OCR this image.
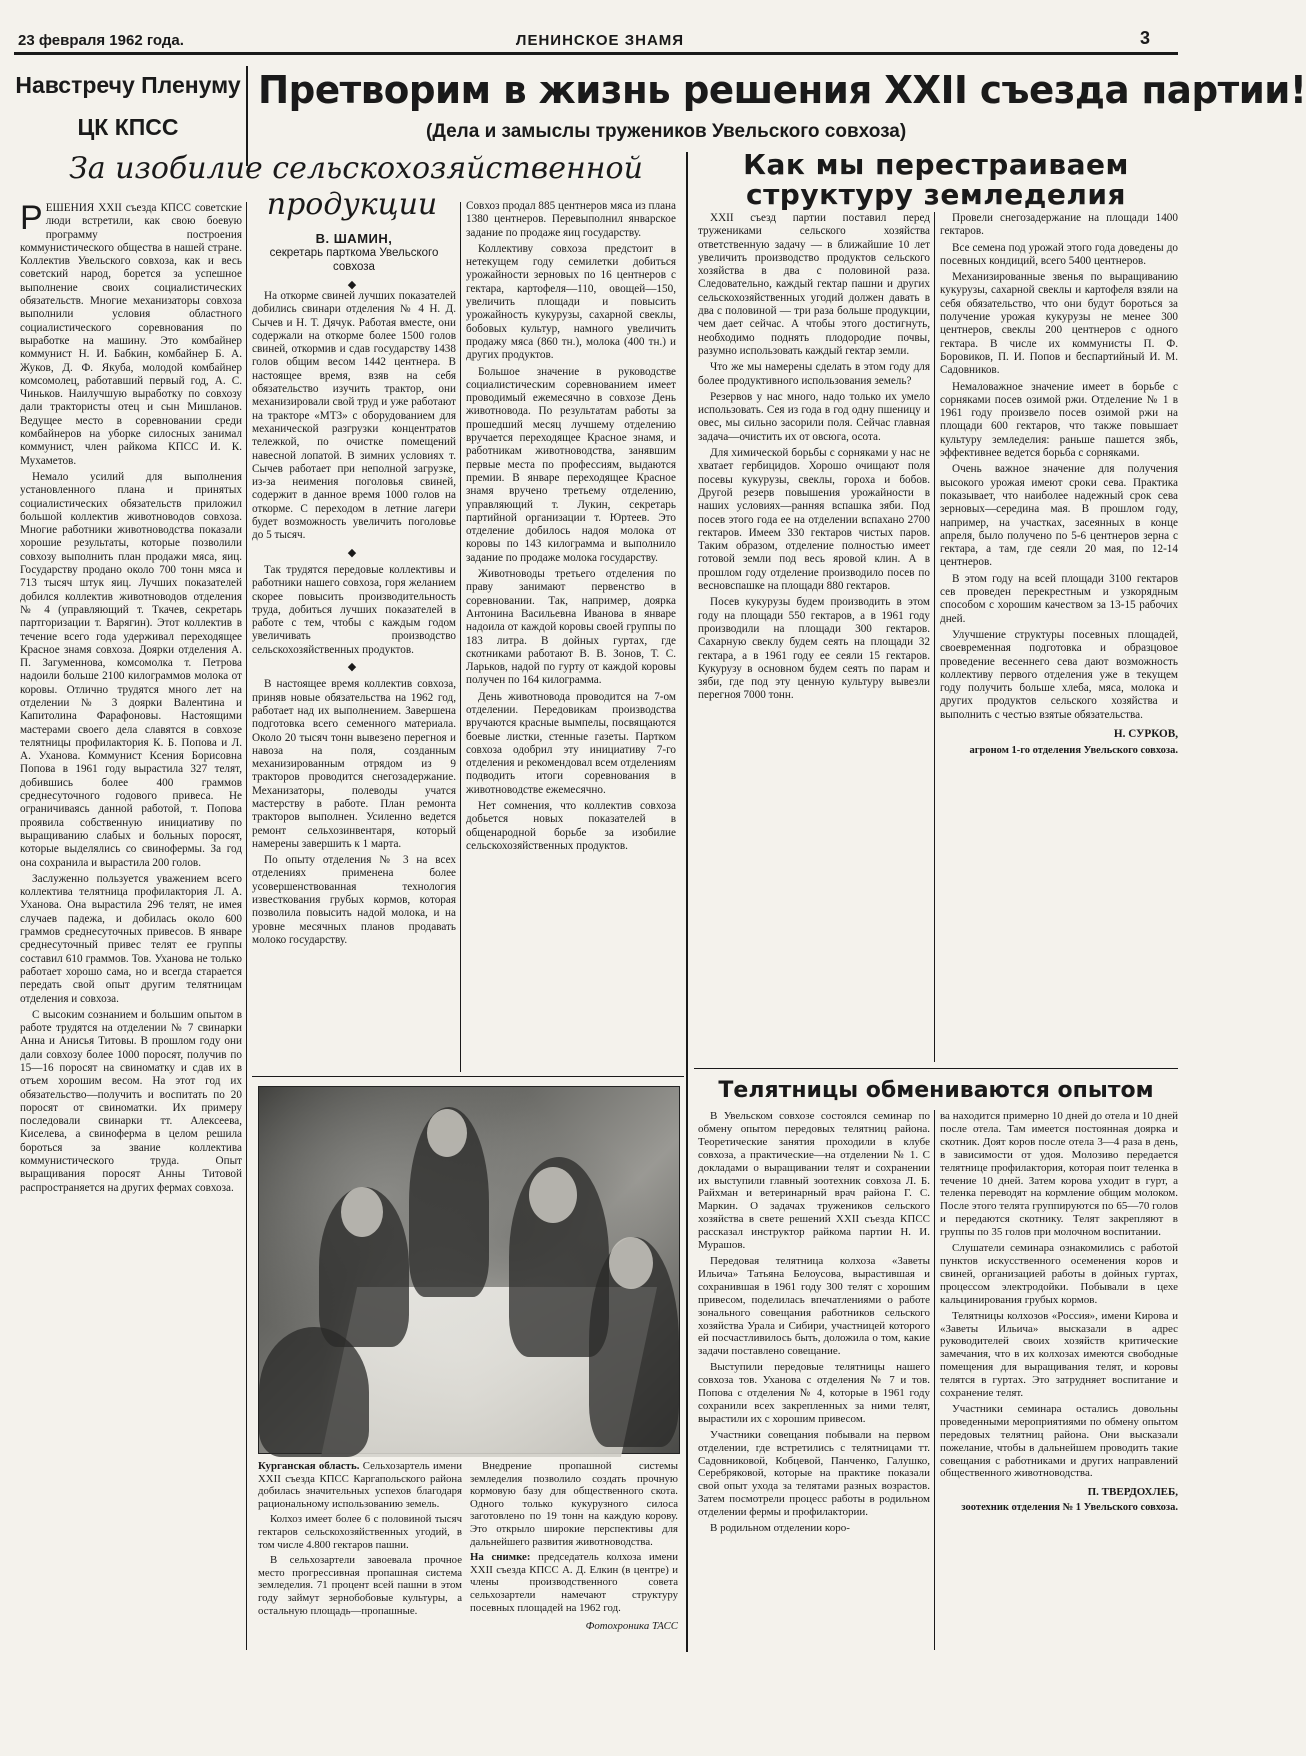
23 февраля 1962 года.	ЛЕНИНСКОЕ ЗНАМЯ	3
Навстречу Пленуму
ЦК КПСС
Претворим в жизнь решения XXII съезда партии!
(Дела и замыслы тружеников Увельского совхоза)
За изобилие сельскохозяйственной
продукции

РЕШЕНИЯ XXII съезда КПСС советские люди встретили, как свою боевую программу построения коммунистического общества в нашей стране. Коллектив Увельского совхоза, как и весь советский народ, борется за успешное выполнение своих социалистических обязательств. Многие механизаторы совхоза выполнили условия областного социалистического соревнования по выработке на машину. Это комбайнер коммунист Н. И. Бабкин, комбайнер Б. А. Жуков, Д. Ф. Якуба, молодой комбайнер комсомолец, работавший первый год, А. С. Чиньков. Наилучшую выработку по совхозу дали трактористы отец и сын Мишланов. Ведущее место в соревновании среди комбайнеров на уборке силосных занимал коммунист, член райкома КПСС И. К. Мухаметов.

Немало усилий для выполнения установленного плана и принятых социалистических обязательств приложил большой коллектив животноводов совхоза. Многие работники животноводства показали хорошие результаты, которые позволили совхозу выполнить план продажи мяса, яиц. Государству продано около 700 тонн мяса и 713 тысяч штук яиц. Лучших показателей добился коллектив животноводов отделения № 4 (управляющий т. Ткачев, секретарь партгоризации т. Варягин). Этот коллектив в течение всего года удерживал переходящее Красное знамя совхоза. Доярки отделения А. П. Загуменнова, комсомолка т. Петрова надоили больше 2100 килограммов молока от коровы. Отлично трудятся много лет на отделении № 3 доярки Валентина и Капитолина Фарафоновы. Настоящими мастерами своего дела славятся в совхозе телятницы профилактория К. Б. Попова и Л. А. Уханова. Коммунист Ксения Борисовна Попова в 1961 году вырастила 327 телят, добившись более 400 граммов среднесуточного годового привеса. Не ограничиваясь данной работой, т. Попова проявила собственную инициативу по выращиванию слабых и больных поросят, которые выделялись со свинофермы. За год она сохранила и вырастила 200 голов.

Заслуженно пользуется уважением всего коллектива телятница профилактория Л. А. Уханова. Она вырастила 296 телят, не имея случаев падежа, и добилась около 600 граммов среднесуточных привесов. В январе среднесуточный привес телят ее группы составил 610 граммов. Тов. Уханова не только работает хорошо сама, но и всегда старается передать свой опыт другим телятницам отделения и совхоза.

С высоким сознанием и большим опытом в работе трудятся на отделении № 7 свинарки Анна и Анисья Титовы. В прошлом году они дали совхозу более 1000 поросят, получив по 15—16 поросят на свиноматку и сдав их в отъем хорошим весом. На этот год их обязательство—получить и воспитать по 20 поросят от свиноматки. Их примеру последовали свинарки тт. Алексеева, Киселева, а свиноферма в целом решила бороться за звание коллектива коммунистического труда. Опыт выращивания поросят Анны Титовой распространяется на других фермах совхоза.

В. ШАМИН,
секретарь парткома Увельского совхоза
◆

На откорме свиней лучших показателей добились свинари отделения № 4 Н. Д. Сычев и Н. Т. Дячук. Работая вместе, они содержали на откорме более 1500 голов свиней, откормив и сдав государству 1438 голов общим весом 1442 центнера. В настоящее время, взяв на себя обязательство изучить трактор, они механизировали свой труд и уже работают на тракторе «МТЗ» с оборудованием для механической разгрузки концентратов тележкой, по очистке помещений навесной лопатой. В зимних условиях т. Сычев работает при неполной загрузке, из-за неимения поголовья свиней, содержит в данное время 1000 голов на откорме. С переходом в летние лагери будет возможность увеличить поголовье до 5 тысяч.

◆

Так трудятся передовые коллективы и работники нашего совхоза, горя желанием скорее повысить производительность труда, добиться лучших показателей в работе с тем, чтобы с каждым годом увеличивать производство сельскохозяйственных продуктов.

◆

В настоящее время коллектив совхоза, приняв новые обязательства на 1962 год, работает над их выполнением. Завершена подготовка всего семенного материала. Около 20 тысяч тонн вывезено перегноя и навоза на поля, созданным механизированным отрядом из 9 тракторов проводится снегозадержание. Механизаторы, полеводы учатся мастерству в работе. План ремонта тракторов выполнен. Усиленно ведется ремонт сельхозинвентаря, который намерены завершить к 1 марта.

По опыту отделения № 3 на всех отделениях применена более усовершенствованная технология известкования грубых кормов, которая позволила повысить надой молока, и на уровне месячных планов продавать молоко государству.

Совхоз продал 885 центнеров мяса из плана 1380 центнеров. Перевыполнил январское задание по продаже яиц государству.

Коллективу совхоза предстоит в нетекущем году семилетки добиться урожайности зерновых по 16 центнеров с гектара, картофеля—110, овощей—150, увеличить площади и повысить урожайность кукурузы, сахарной свеклы, бобовых культур, намного увеличить продажу мяса (860 тн.), молока (400 тн.) и других продуктов.

Большое значение в руководстве социалистическим соревнованием имеет проводимый ежемесячно в совхозе День животновода. По результатам работы за прошедший месяц лучшему отделению вручается переходящее Красное знамя, и работникам животноводства, занявшим первые места по профессиям, выдаются премии. В январе переходящее Красное знамя вручено третьему отделению, управляющий т. Лукин, секретарь партийной организации т. Юртеев. Это отделение добилось надоя молока от коровы по 143 килограмма и выполнило задание по продаже молока государству.

Животноводы третьего отделения по праву занимают первенство в соревновании. Так, например, доярка Антонина Васильевна Иванова в январе надоила от каждой коровы своей группы по 183 литра. В дойных гуртах, где скотниками работают В. В. Зонов, Т. С. Ларьков, надой по гурту от каждой коровы получен по 164 килограмма.

День животновода проводится на 7-ом отделении. Передовикам производства вручаются красные вымпелы, посвящаются боевые листки, стенные газеты. Партком совхоза одобрил эту инициативу 7-го отделения и рекомендовал всем отделениям подводить итоги соревнования в животноводстве ежемесячно.

Нет сомнения, что коллектив совхоза добьется новых показателей в общенародной борьбе за изобилие сельскохозяйственных продуктов.

Курганская область. Сельхозартель имени XXII съезда КПСС Каргапольского района добилась значительных успехов благодаря рациональному использованию земель.

Колхоз имеет более 6 с половиной тысяч гектаров сельскохозяйственных угодий, в том числе 4.800 гектаров пашни.

В сельхозартели завоевала прочное место прогрессивная пропашная система земледелия. 71 процент всей пашни в этом году займут зернобобовые культуры, а остальную площадь—пропашные.

Внедрение пропашной системы земледелия позволило создать прочную кормовую базу для общественного скота. Одного только кукурузного силоса заготовлено по 19 тонн на каждую корову. Это открыло широкие перспективы для дальнейшего развития животноводства.

На снимке: председатель колхоза имени XXII съезда КПСС А. Д. Елкин (в центре) и члены производственного совета сельхозартели намечают структуру посевных площадей на 1962 год.

Фотохроника ТАСС

Как мы перестраиваем
структуру земледелия

XXII съезд партии поставил перед тружениками сельского хозяйства ответственную задачу — в ближайшие 10 лет увеличить производство продуктов сельского хозяйства в два с половиной раза. Следовательно, каждый гектар пашни и других сельскохозяйственных угодий должен давать в два с половиной — три раза больше продукции, чем дает сейчас. А чтобы этого достигнуть, необходимо поднять плодородие почвы, разумно использовать каждый гектар земли.

Что же мы намерены сделать в этом году для более продуктивного использования земель?

Резервов у нас много, надо только их умело использовать. Сея из года в год одну пшеницу и овес, мы сильно засорили поля. Сейчас главная задача—очистить их от овсюга, осота.

Для химической борьбы с сорняками у нас не хватает гербицидов. Хорошо очищают поля посевы кукурузы, свеклы, гороха и бобов. Другой резерв повышения урожайности в наших условиях—ранняя вспашка зяби. Под посев этого года ее на отделении вспахано 2700 гектаров. Имеем 330 гектаров чистых паров. Таким образом, отделение полностью имеет готовой земли под весь яровой клин. А в прошлом году отделение производило посев по весновспашке на площади 880 гектаров.

Посев кукурузы будем производить в этом году на площади 550 гектаров, а в 1961 году производили на площади 300 гектаров. Сахарную свеклу будем сеять на площади 32 гектара, а в 1961 году ее сеяли 15 гектаров. Кукурузу в основном будем сеять по парам и зяби, где под эту ценную культуру вывезли перегноя 7000 тонн.

Провели снегозадержание на площади 1400 гектаров.

Все семена под урожай этого года доведены до посевных кондиций, всего 5400 центнеров.

Механизированные звенья по выращиванию кукурузы, сахарной свеклы и картофеля взяли на себя обязательство, что они будут бороться за получение урожая кукурузы не менее 300 центнеров, свеклы 200 центнеров с одного гектара. В числе их коммунисты П. Ф. Боровиков, П. И. Попов и беспартийный И. М. Садовников.

Немаловажное значение имеет в борьбе с сорняками посев озимой ржи. Отделение № 1 в 1961 году произвело посев озимой ржи на площади 600 гектаров, что также повышает культуру земледелия: раньше пашется зябь, эффективнее ведется борьба с сорняками.

Очень важное значение для получения высокого урожая имеют сроки сева. Практика показывает, что наиболее надежный срок сева зерновых—середина мая. В прошлом году, например, на участках, засеянных в конце апреля, было получено по 5-6 центнеров зерна с гектара, а там, где сеяли 20 мая, по 12-14 центнеров.

В этом году на всей площади 3100 гектаров сев проведен перекрестным и узкорядным способом с хорошим качеством за 13-15 рабочих дней.

Улучшение структуры посевных площадей, своевременная подготовка и образцовое проведение весеннего сева дают возможность коллективу первого отделения уже в текущем году получить больше хлеба, мяса, молока и других продуктов сельского хозяйства и выполнить с честью взятые обязательства.

Н. СУРКОВ,

агроном 1-го отделения Увельского совхоза.

Телятницы обмениваются опытом

В Увельском совхозе состоялся семинар по обмену опытом передовых телятниц района. Теоретические занятия проходили в клубе совхоза, а практические—на отделении № 1. С докладами о выращивании телят и сохранении их выступили главный зоотехник совхоза Л. Б. Райхман и ветеринарный врач района Г. С. Маркин. О задачах тружеников сельского хозяйства в свете решений XXII съезда КПСС рассказал инструктор райкома партии Н. И. Мурашов.

Передовая телятница колхоза «Заветы Ильича» Татьяна Белоусова, вырастившая и сохранившая в 1961 году 300 телят с хорошим привесом, поделилась впечатлениями о работе зонального совещания работников сельского хозяйства Урала и Сибири, участницей которого ей посчастливилось быть, доложила о том, какие задачи поставлено совещание.

Выступили передовые телятницы нашего совхоза тов. Уханова с отделения № 7 и тов. Попова с отделения № 4, которые в 1961 году сохранили всех закрепленных за ними телят, вырастили их с хорошим привесом.

Участники совещания побывали на первом отделении, где встретились с телятницами тт. Садовниковой, Кобцевой, Панченко, Галушко, Серебряковой, которые на практике показали свой опыт ухода за телятами разных возрастов. Затем посмотрели процесс работы в родильном отделении фермы и профилактории.

В родильном отделении коро-

ва находится примерно 10 дней до отела и 10 дней после отела. Там имеется постоянная доярка и скотник. Доят коров после отела 3—4 раза в день, в зависимости от удоя. Молозиво передается телятнице профилактория, которая поит теленка в течение 10 дней. Затем корова уходит в гурт, а теленка переводят на кормление общим молоком. После этого телята группируются по 65—70 голов и передаются скотнику. Телят закрепляют в группы по 35 голов при молочном воспитании.

Слушатели семинара ознакомились с работой пунктов искусственного осеменения коров и свиней, организацией работы в дойных гуртах, процессом электродойки. Побывали в цехе кальцинирования грубых кормов.

Телятницы колхозов «Россия», имени Кирова и «Заветы Ильича» высказали в адрес руководителей своих хозяйств критические замечания, что в их колхозах имеются свободные помещения для выращивания телят, и коровы телятся в гуртах. Это затрудняет воспитание и сохранение телят.

Участники семинара остались довольны проведенными мероприятиями по обмену опытом передовых телятниц района. Они высказали пожелание, чтобы в дальнейшем проводить такие совещания с работниками и других направлений общественного животноводства.

П. ТВЕРДОХЛЕБ,

зоотехник отделения № 1 Увельского совхоза.
